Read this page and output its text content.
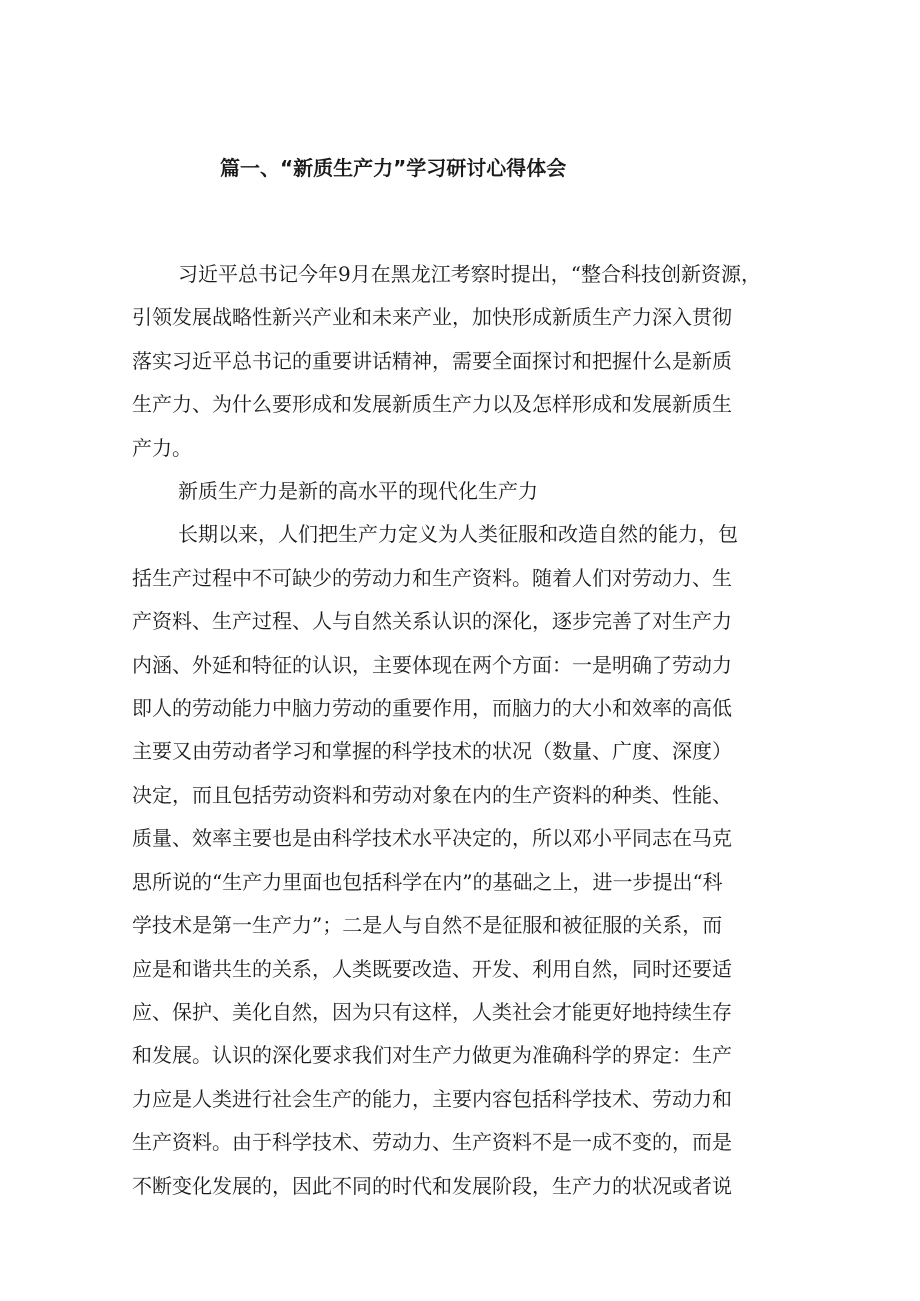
篇一、“新质生产力”学习研讨心得体会
习近平总书记今年9月在黑龙江考察时提出，“整合科技创新资源，
引领发展战略性新兴产业和未来产业，加快形成新质生产力深入贯彻
落实习近平总书记的重要讲话精神，需要全面探讨和把握什么是新质
生产力、为什么要形成和发展新质生产力以及怎样形成和发展新质生
产力。
新质生产力是新的高水平的现代化生产力
长期以来，人们把生产力定义为人类征服和改造自然的能力，包
括生产过程中不可缺少的劳动力和生产资料。随着人们对劳动力、生
产资料、生产过程、人与自然关系认识的深化，逐步完善了对生产力
内涵、外延和特征的认识，主要体现在两个方面：一是明确了劳动力
即人的劳动能力中脑力劳动的重要作用，而脑力的大小和效率的高低
主要又由劳动者学习和掌握的科学技术的状况（数量、广度、深度）
决定，而且包括劳动资料和劳动对象在内的生产资料的种类、性能、
质量、效率主要也是由科学技术水平决定的，所以邓小平同志在马克
思所说的“生产力里面也包括科学在内”的基础之上，进一步提出“科
学技术是第一生产力”；二是人与自然不是征服和被征服的关系，而
应是和谐共生的关系，人类既要改造、开发、利用自然，同时还要适
应、保护、美化自然，因为只有这样，人类社会才能更好地持续生存
和发展。认识的深化要求我们对生产力做更为准确科学的界定：生产
力应是人类进行社会生产的能力，主要内容包括科学技术、劳动力和
生产资料。由于科学技术、劳动力、生产资料不是一成不变的，而是
不断变化发展的，因此不同的时代和发展阶段，生产力的状况或者说
